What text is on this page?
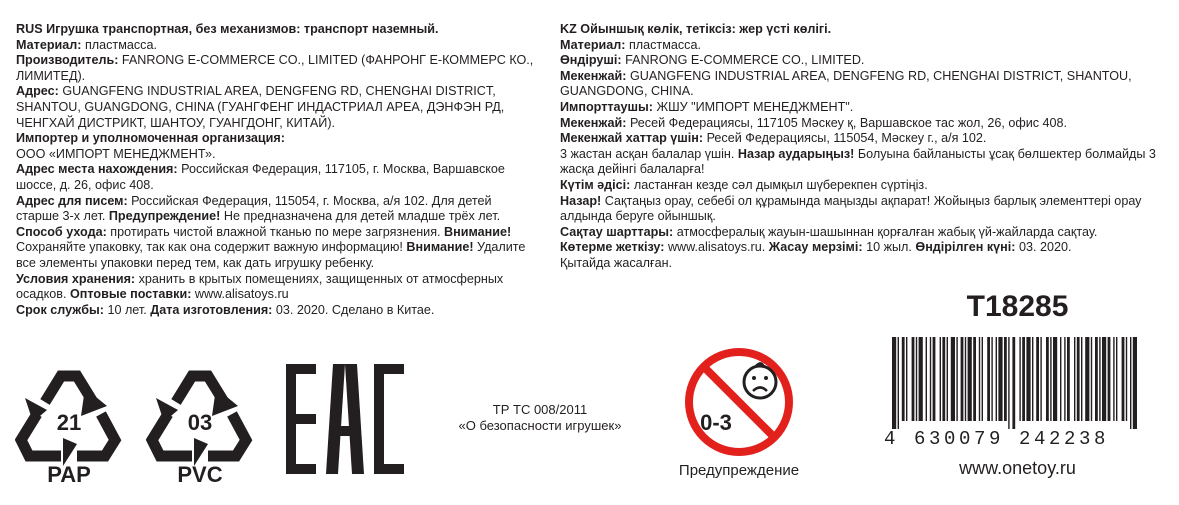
RUS Игрушка транспортная, без механизмов: транспорт наземный.

Материал: пластмасса.

Производитель: FANRONG E-COMMERCE CO., LIMITED (ФАНРОНГ Е-КОММЕРС КО., ЛИМИТЕД).

Адрес: GUANGFENG INDUSTRIAL AREA, DENGFENG RD, CHENGHAI DISTRICT, SHANTOU, GUANGDONG, CHINA (ГУАНГФЕНГ ИНДАСТРИАЛ АРЕА, ДЭНФЭН РД, ЧЕНГХАЙ ДИСТРИКТ, ШАНТОУ, ГУАНГДОНГ, КИТАЙ).

Импортер и уполномоченная организация:

ООО «ИМПОРТ МЕНЕДЖМЕНТ».

Адрес места нахождения: Российская Федерация, 117105, г. Москва, Варшавское шоссе, д. 26, офис 408.

Адрес для писем: Российская Федерация, 115054, г. Москва, а/я 102. Для детей старше 3-х лет. Предупреждение! Не предназначена для детей младше трёх лет. Способ ухода: протирать чистой влажной тканью по мере загрязнения. Внимание! Сохраняйте упаковку, так как она содержит важную информацию! Внимание! Удалите все элементы упаковки перед тем, как дать игрушку ребенку.

Условия хранения: хранить в крытых помещениях, защищенных от атмосферных осадков. Оптовые поставки: www.alisatoys.ru

Срок службы: 10 лет. Дата изготовления: 03. 2020. Сделано в Китае.

KZ Ойыншық көлік, тетіксіз: жер үсті көлігі.

Материал: пластмасса.

Өндіруші: FANRONG E-COMMERCE CO., LIMITED.

Мекенжай: GUANGFENG INDUSTRIAL AREA, DENGFENG RD, CHENGHAI DISTRICT, SHANTOU, GUANGDONG, CHINA.

Импорттаушы: ЖШУ "ИМПОРТ МЕНЕДЖМЕНТ".

Мекенжай: Ресей Федерациясы, 117105 Мәскеу қ, Варшавское тас жол, 26, офис 408.

Мекенжай хаттар үшін: Ресей Федерациясы, 115054, Мәскеу г., а/я 102.

3 жастан асқан балалар үшін. Назар аударыңыз! Болуына байланысты ұсақ бөлшектер болмайды 3 жасқа дейінгі балаларға!

Күтім әдісі: ластанған кезде сәл дымқыл шүберекпен сүртіңіз.

Назар! Сақтаңыз орау, себебі ол құрамында маңызды ақпарат! Жойыңыз барлық элементтері орау алдында беруге ойыншық.

Сақтау шарттары: атмосфералық жауын-шашыннан қорғалған жабық үй-жайларда сақтау.

Көтерме жеткізу: www.alisatoys.ru. Жасау мерзімі: 10 жыл. Өндірілген күні: 03. 2020.

Қытайда жасалған.

21
PAP
03
PVC
ТР ТС 008/2011
«О безопасности игрушек»	0-3
Предупреждение
T18285
4 630079 242238
www.onetoy.ru
